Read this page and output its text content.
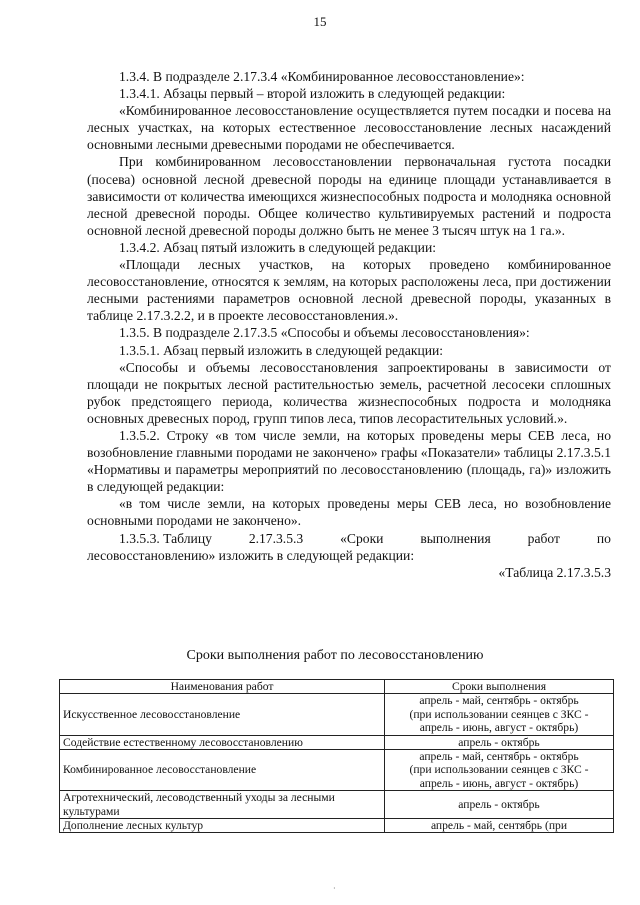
15

1.3.4. В подразделе 2.17.3.4 «Комбинированное лесовосстановление»:

1.3.4.1. Абзацы первый – второй изложить в следующей редакции:

«Комбинированное лесовосстановление осуществляется путем посадки и посева на лесных участках, на которых естественное лесовосстановление лесных насаждений основными лесными древесными породами не обеспечивается.

При комбинированном лесовосстановлении первоначальная густота посадки (посева) основной лесной древесной породы на единице площади устанавливается в зависимости от количества имеющихся жизнеспособных подроста и молодняка основной лесной древесной породы. Общее количество культивируемых растений и подроста основной лесной древесной породы должно быть не менее 3 тысяч штук на 1 га.».

1.3.4.2. Абзац пятый изложить в следующей редакции:

«Площади лесных участков, на которых проведено комбинированное лесовосстановление, относятся к землям, на которых расположены леса, при достижении лесными растениями параметров основной лесной древесной породы, указанных в таблице 2.17.3.2.2, и в проекте лесовосстановления.».

1.3.5. В подразделе 2.17.3.5 «Способы и объемы лесовосстановления»:

1.3.5.1. Абзац первый изложить в следующей редакции:

«Способы и объемы лесовосстановления запроектированы в зависимости от площади не покрытых лесной растительностью земель, расчетной лесосеки сплошных рубок предстоящего периода, количества жизнеспособных подроста и молодняка основных древесных пород, групп типов леса, типов лесорастительных условий.».

1.3.5.2. Строку «в том числе земли, на которых проведены меры СЕВ леса, но возобновление главными породами не закончено» графы «Показатели» таблицы 2.17.3.5.1 «Нормативы и параметры мероприятий по лесовосстановлению (площадь, га)» изложить в следующей редакции:

«в том числе земли, на которых проведены меры СЕВ леса, но возобновление основными породами не закончено».

1.3.5.3. Таблицу	2.17.3.5.3	«Сроки	выполнения	работ	по

лесовосстановлению» изложить в следующей редакции:

«Таблица 2.17.3.5.3

Сроки выполнения работ по лесовосстановлению
Наименования работ	Сроки выполнения
Искусственное лесовосстановление	апрель - май, сентябрь - октябрь
(при использовании сеянцев с ЗКС -
апрель - июнь, август - октябрь)

Содействие естественному лесовосстановлению	апрель - октябрь

Комбинированное лесовосстановление	апрель - май, сентябрь - октябрь
(при использовании сеянцев с ЗКС -
апрель - июнь, август - октябрь)

Агротехнический, лесоводственный уходы за лесными культурами	апрель - октябрь

Дополнение лесных культур	апрель - май, сентябрь (при
·
